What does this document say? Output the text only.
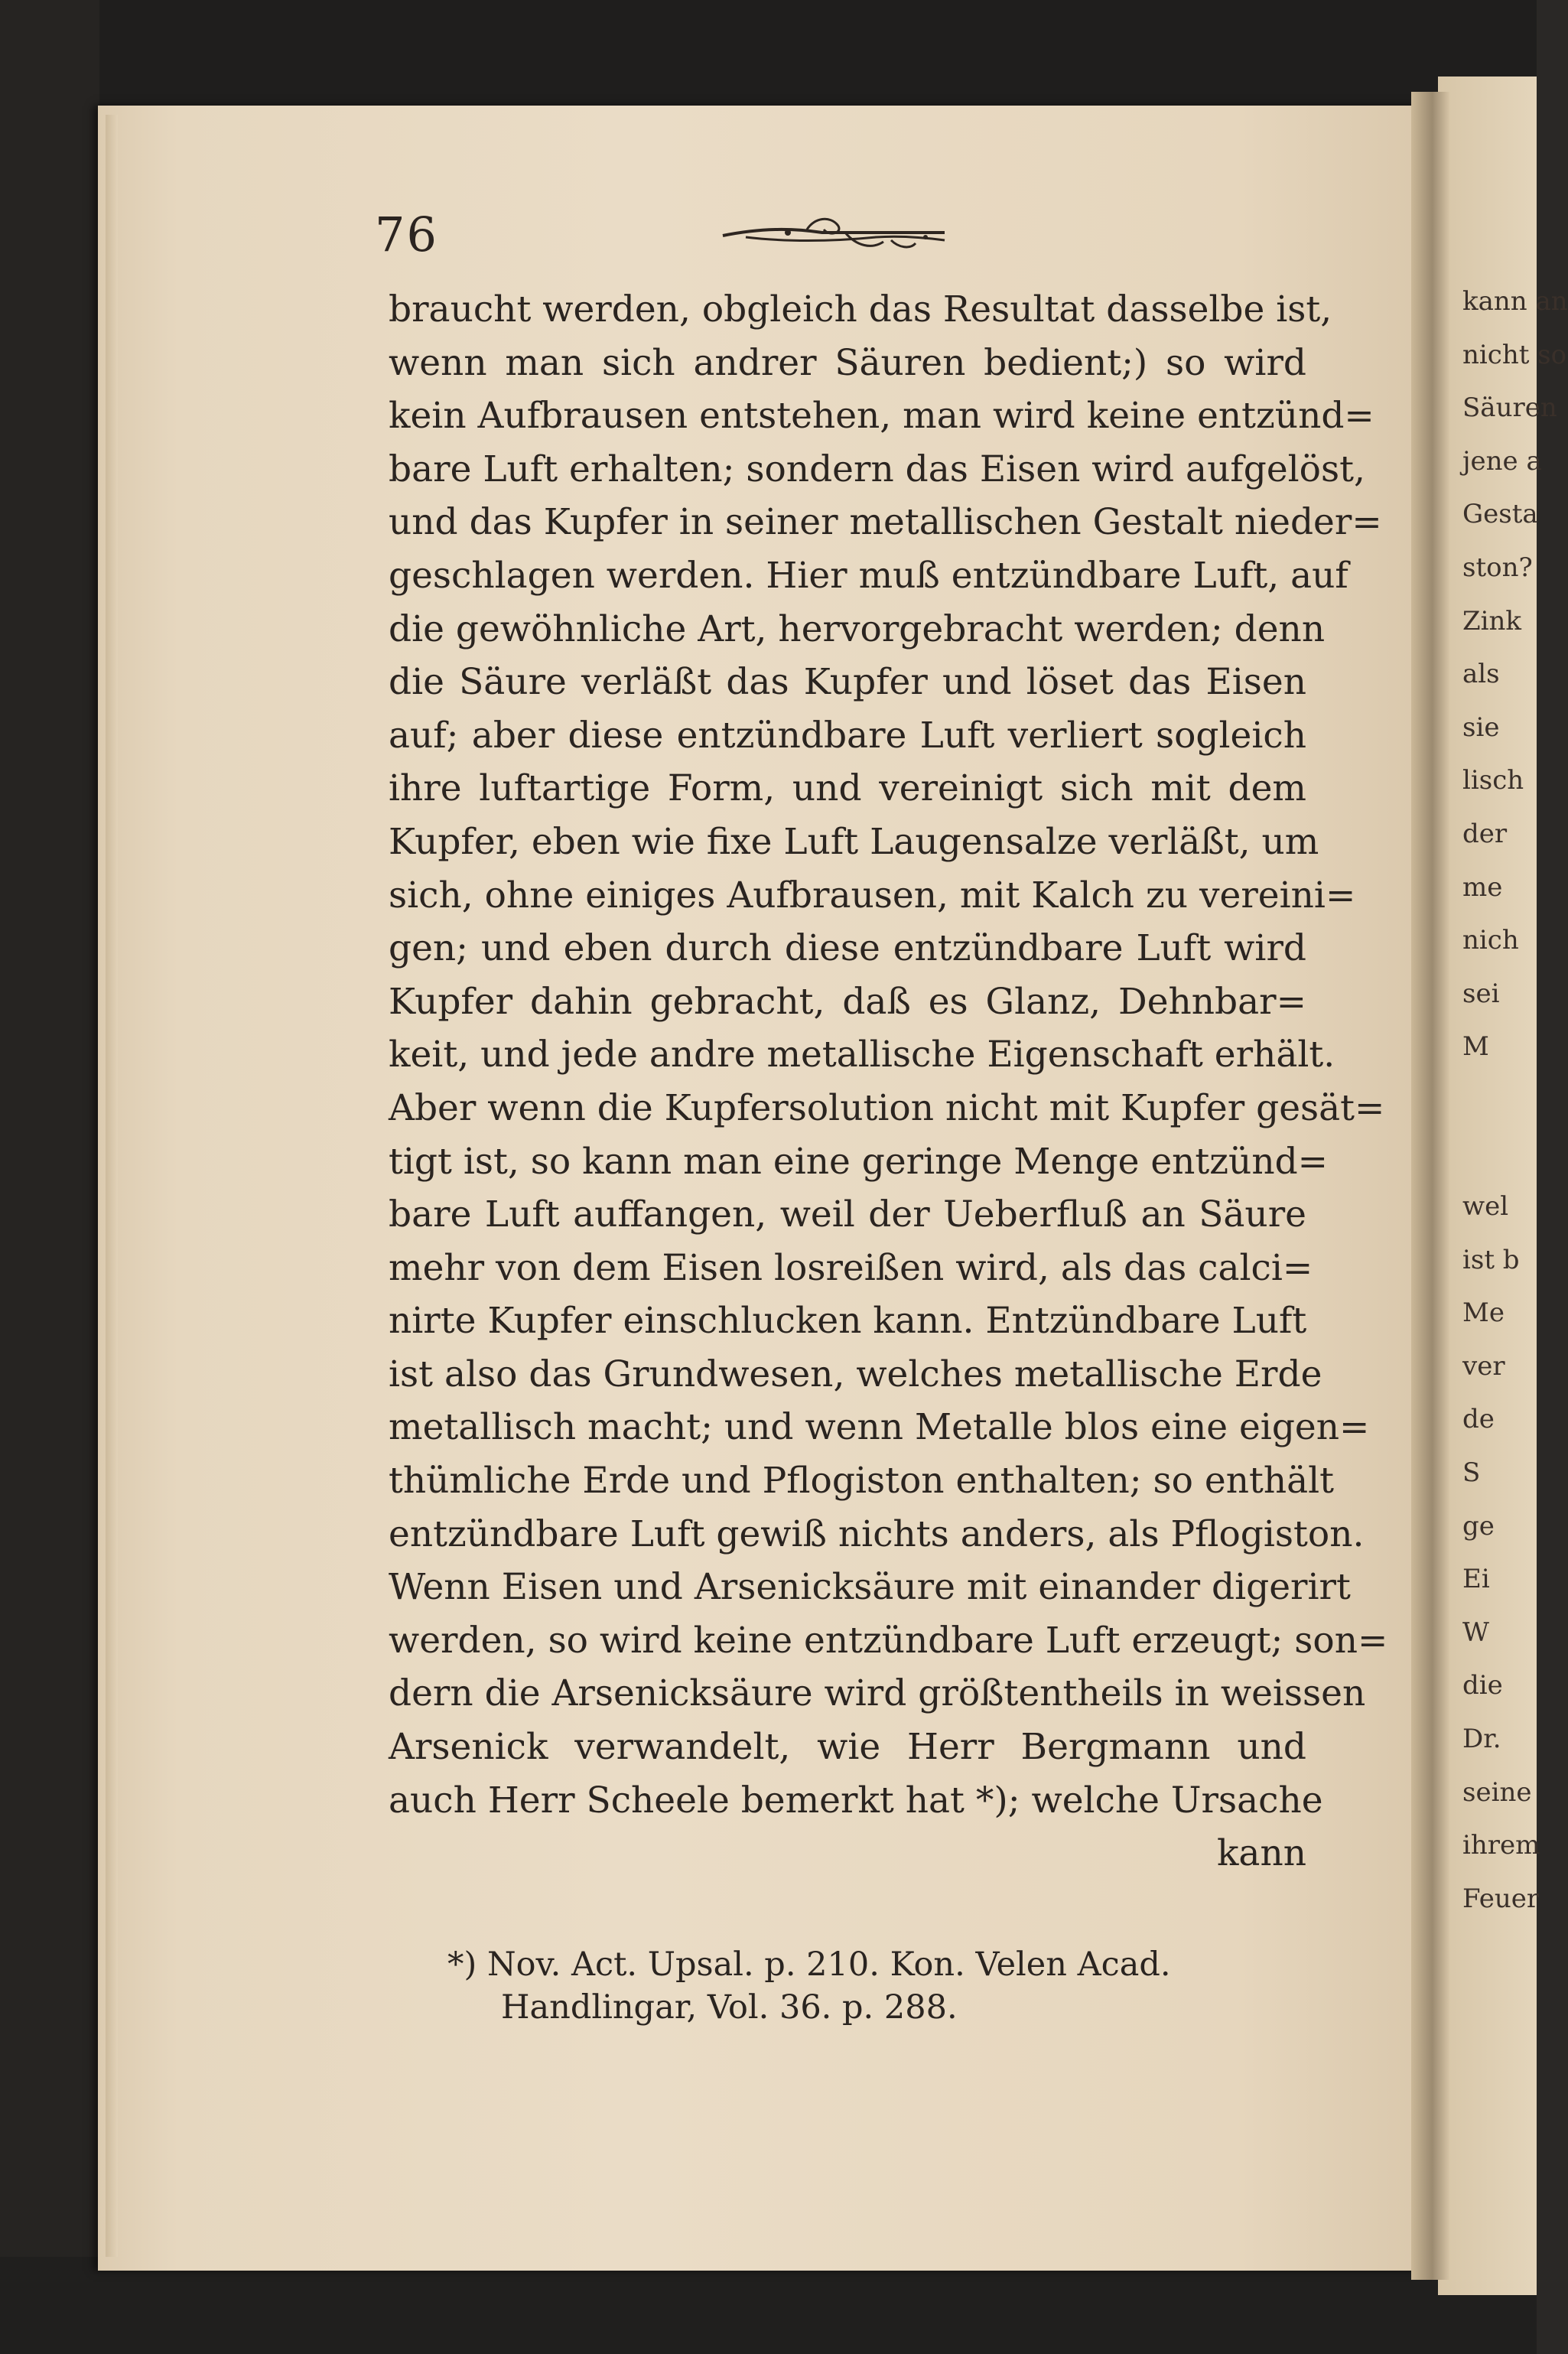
76
braucht werden, obgleich das Resultat dasselbe ist,
wenn man sich andrer Säuren bedient;) so wird
kein Aufbrausen entstehen, man wird keine entzünd=
bare Luft erhalten; sondern das Eisen wird aufgelöst,
und das Kupfer in seiner metallischen Gestalt nieder=
geschlagen werden. Hier muß entzündbare Luft, auf
die gewöhnliche Art, hervorgebracht werden; denn
die Säure verläßt das Kupfer und löset das Eisen
auf; aber diese entzündbare Luft verliert sogleich
ihre luftartige Form, und vereinigt sich mit dem
Kupfer, eben wie fixe Luft Laugensalze verläßt, um
sich, ohne einiges Aufbrausen, mit Kalch zu vereini=
gen; und eben durch diese entzündbare Luft wird
Kupfer dahin gebracht, daß es Glanz, Dehnbar=
keit, und jede andre metallische Eigenschaft erhält.
Aber wenn die Kupfersolution nicht mit Kupfer gesät=
tigt ist, so kann man eine geringe Menge entzünd=
bare Luft auffangen, weil der Ueberfluß an Säure
mehr von dem Eisen losreißen wird, als das calci=
nirte Kupfer einschlucken kann. Entzündbare Luft
ist also das Grundwesen, welches metallische Erde
metallisch macht; und wenn Metalle blos eine eigen=
thümliche Erde und Pflogiston enthalten; so enthält
entzündbare Luft gewiß nichts anders, als Pflogiston.
Wenn Eisen und Arsenicksäure mit einander digerirt
werden, so wird keine entzündbare Luft erzeugt; son=
dern die Arsenicksäure wird größtentheils in weissen
Arsenick verwandelt, wie Herr Bergmann und
auch Herr Scheele bemerkt hat *); welche Ursache
kann
*) Nov. Act. Upsal. p. 210. Kon. Velen Acad.
Handlingar, Vol. 36. p. 288.
kann an
nicht so
Säuren
jene a
Gesta
ston?
Zink
als
sie
lisch
der
me
nich
sei
M
wel
ist b
Me
ver
de
S
ge
Ei
W
die
Dr.
seine
ihrem
Feuer
